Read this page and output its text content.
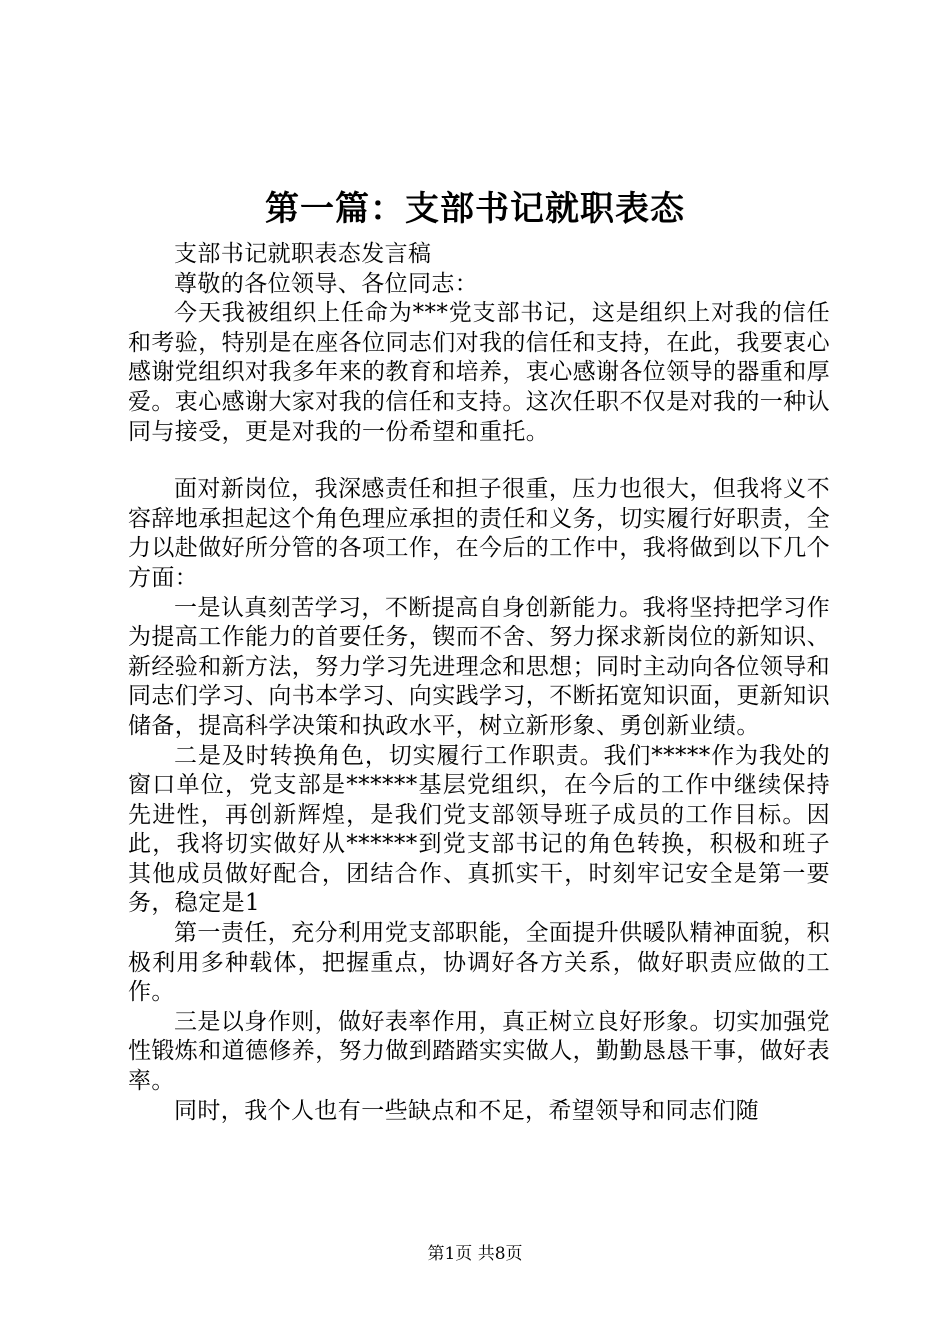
第一篇：支部书记就职表态

支部书记就职表态发言稿

尊敬的各位领导、各位同志：

今天我被组织上任命为***党支部书记，这是组织上对我的信任和考验，特别是在座各位同志们对我的信任和支持，在此，我要衷心感谢党组织对我多年来的教育和培养，衷心感谢各位领导的器重和厚爱。衷心感谢大家对我的信任和支持。这次任职不仅是对我的一种认同与接受，更是对我的一份希望和重托。

面对新岗位，我深感责任和担子很重，压力也很大，但我将义不容辞地承担起这个角色理应承担的责任和义务，切实履行好职责，全力以赴做好所分管的各项工作，在今后的工作中，我将做到以下几个方面：

一是认真刻苦学习，不断提高自身创新能力。我将坚持把学习作为提高工作能力的首要任务，锲而不舍、努力探求新岗位的新知识、新经验和新方法，努力学习先进理念和思想；同时主动向各位领导和同志们学习、向书本学习、向实践学习，不断拓宽知识面，更新知识储备，提高科学决策和执政水平，树立新形象、勇创新业绩。

二是及时转换角色，切实履行工作职责。我们*****作为我处的窗口单位，党支部是******基层党组织，在今后的工作中继续保持先进性，再创新辉煌，是我们党支部领导班子成员的工作目标。因此，我将切实做好从******到党支部书记的角色转换，积极和班子其他成员做好配合，团结合作、真抓实干，时刻牢记安全是第一要务，稳定是1

第一责任，充分利用党支部职能，全面提升供暖队精神面貌，积极利用多种载体，把握重点，协调好各方关系，做好职责应做的工作。

三是以身作则，做好表率作用，真正树立良好形象。切实加强党性锻炼和道德修养，努力做到踏踏实实做人，勤勤恳恳干事，做好表率。

同时，我个人也有一些缺点和不足，希望领导和同志们随

第1页 共8页
